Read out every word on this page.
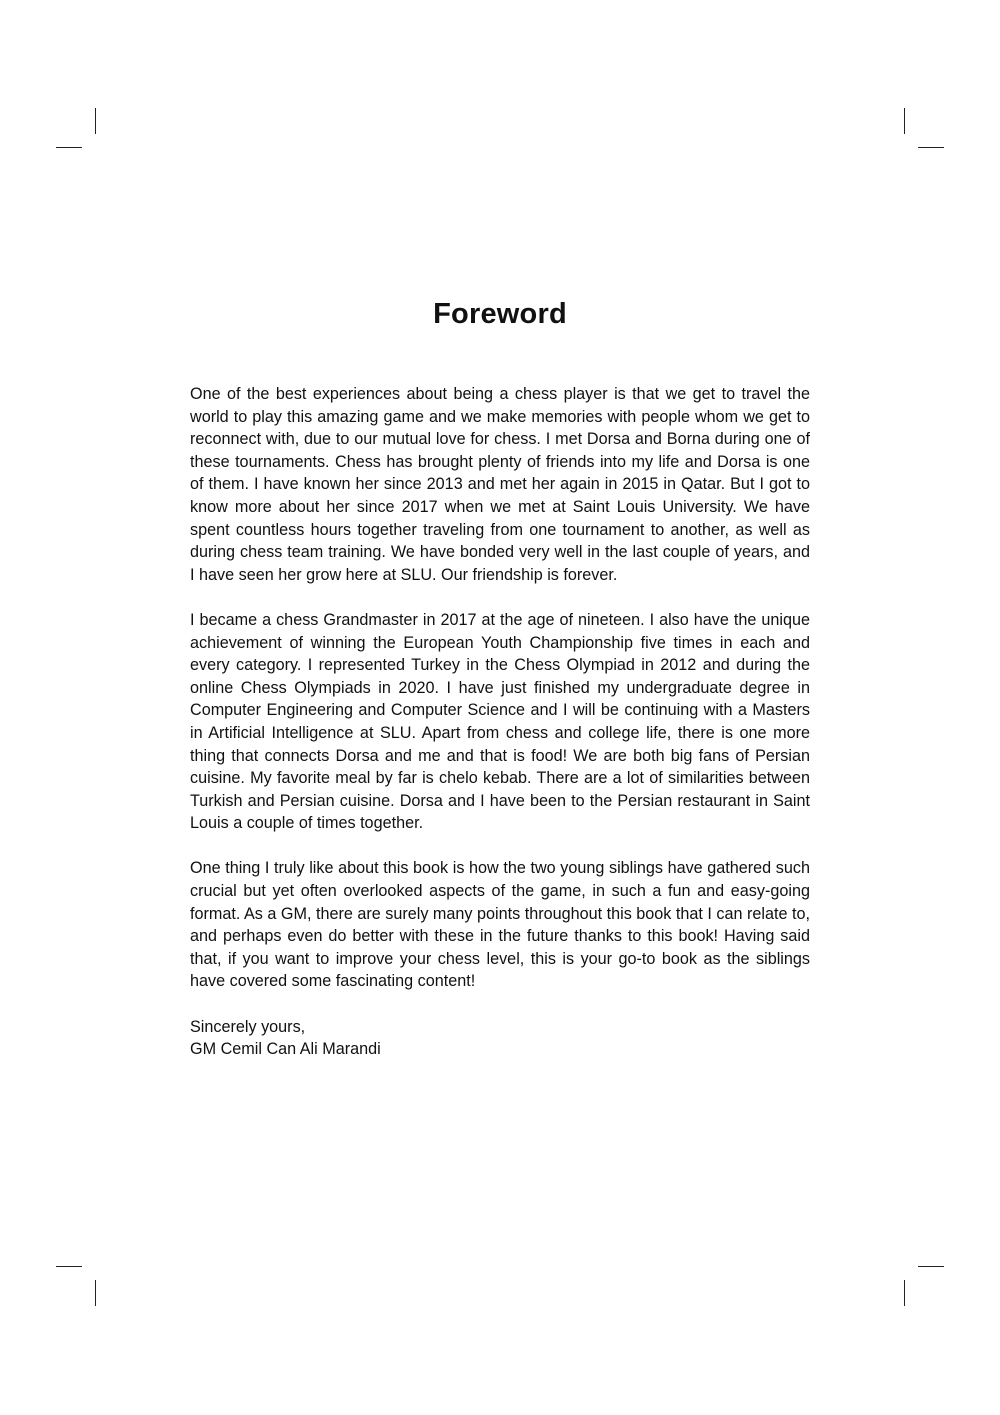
Foreword

One of the best experiences about being a chess player is that we get to travel the world to play this amazing game and we make memories with people whom we get to reconnect with, due to our mutual love for chess. I met Dorsa and Borna during one of these tournaments. Chess has brought plenty of friends into my life and Dorsa is one of them. I have known her since 2013 and met her again in 2015 in Qatar. But I got to know more about her since 2017 when we met at Saint Louis University. We have spent countless hours together traveling from one tournament to another, as well as during chess team training. We have bonded very well in the last couple of years, and I have seen her grow here at SLU. Our friendship is forever.

I became a chess Grandmaster in 2017 at the age of nineteen. I also have the unique achievement of winning the European Youth Championship five times in each and every category. I represented Turkey in the Chess Olympiad in 2012 and during the online Chess Olympiads in 2020. I have just finished my undergraduate degree in Computer Engineering and Computer Science and I will be continuing with a Masters in Artificial Intelligence at SLU. Apart from chess and college life, there is one more thing that connects Dorsa and me and that is food! We are both big fans of Persian cuisine. My favorite meal by far is chelo kebab. There are a lot of similarities between Turkish and Persian cuisine. Dorsa and I have been to the Persian restaurant in Saint Louis a couple of times together.

One thing I truly like about this book is how the two young siblings have gathered such crucial but yet often overlooked aspects of the game, in such a fun and easy-going format. As a GM, there are surely many points throughout this book that I can relate to, and perhaps even do better with these in the future thanks to this book! Having said that, if you want to improve your chess level, this is your go-to book as the siblings have covered some fascinating content!

Sincerely yours,
GM Cemil Can Ali Marandi
